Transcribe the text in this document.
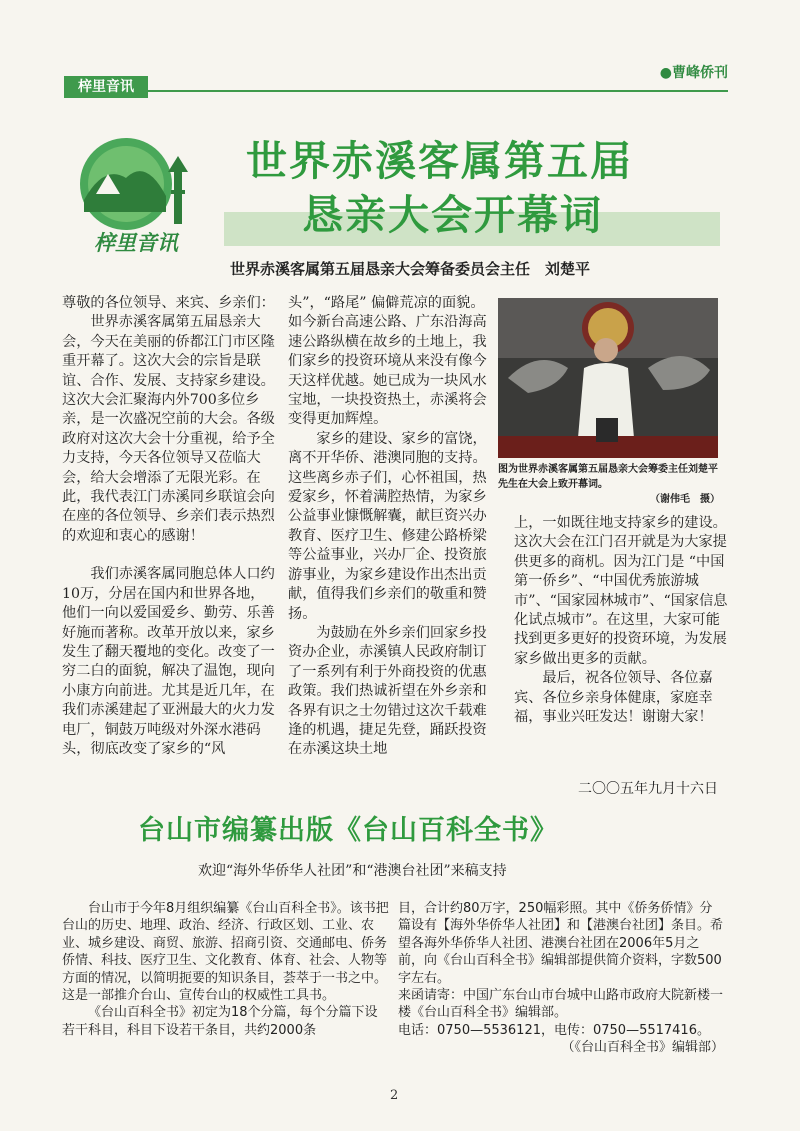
梓里音讯
●曹峰侨刊
梓里音讯
世界赤溪客属第五届
恳亲大会开幕词
世界赤溪客属第五届恳亲大会筹备委员会主任　刘楚平

尊敬的各位领导、来宾、乡亲们：

世界赤溪客属第五届恳亲大会，今天在美丽的侨都江门市区隆重开幕了。这次大会的宗旨是联谊、合作、发展、支持家乡建设。这次大会汇聚海内外700多位乡亲，是一次盛况空前的大会。各级政府对这次大会十分重视，给予全力支持，今天各位领导又莅临大会，给大会增添了无限光彩。在此，我代表江门赤溪同乡联谊会向在座的各位领导、乡亲们表示热烈的欢迎和衷心的感谢！

我们赤溪客属同胞总体人口约10万，分居在国内和世界各地，他们一向以爱国爱乡、勤劳、乐善好施而著称。改革开放以来，家乡发生了翻天覆地的变化。改变了一穷二白的面貌，解决了温饱，现向小康方向前进。尤其是近几年，在我们赤溪建起了亚洲最大的火力发电厂，铜鼓万吨级对外深水港码头，彻底改变了家乡的“风

头”，“路尾” 偏僻荒凉的面貌。如今新台高速公路、广东沿海高速公路纵横在故乡的土地上，我们家乡的投资环境从来没有像今天这样优越。她已成为一块风水宝地，一块投资热土，赤溪将会变得更加辉煌。

家乡的建设、家乡的富饶，离不开华侨、港澳同胞的支持。这些离乡赤子们，心怀祖国，热爱家乡，怀着满腔热情，为家乡公益事业慷慨解囊，献巨资兴办教育、医疗卫生、修建公路桥梁等公益事业，兴办厂企、投资旅游事业，为家乡建设作出杰出贡献，值得我们乡亲们的敬重和赞扬。

为鼓励在外乡亲们回家乡投资办企业，赤溪镇人民政府制订了一系列有利于外商投资的优惠政策。我们热诚祈望在外乡亲和各界有识之士勿错过这次千载难逢的机遇，捷足先登，踊跃投资在赤溪这块土地

图为世界赤溪客属第五届恳亲大会筹委主任刘楚平先生在大会上致开幕词。
（谢伟毛　摄）

上，一如既往地支持家乡的建设。这次大会在江门召开就是为大家提供更多的商机。因为江门是 “中国第一侨乡”、“中国优秀旅游城市”、“国家园林城市”、“国家信息化试点城市”。在这里，大家可能找到更多更好的投资环境，为发展家乡做出更多的贡献。

最后，祝各位领导、各位嘉宾、各位乡亲身体健康，家庭幸福，事业兴旺发达！谢谢大家！

二〇〇五年九月十六日
台山市编纂出版《台山百科全书》
欢迎“海外华侨华人社团”和“港澳台社团”来稿支持

台山市于今年8月组织编纂《台山百科全书》。该书把台山的历史、地理、政治、经济、行政区划、工业、农业、城乡建设、商贸、旅游、招商引资、交通邮电、侨务侨情、科技、医疗卫生、文化教育、体育、社会、人物等方面的情况，以简明扼要的知识条目，荟萃于一书之中。这是一部推介台山、宣传台山的权威性工具书。

《台山百科全书》初定为18个分篇，每个分篇下设若干科目，科目下设若干条目，共约2000条

目，合计约80万字，250幅彩照。其中《侨务侨情》分篇设有【海外华侨华人社团】和【港澳台社团】条目。希望各海外华侨华人社团、港澳台社团在2006年5月之前，向《台山百科全书》编辑部提供简介资料，字数500字左右。

来函请寄：中国广东台山市台城中山路市政府大院新楼一楼《台山百科全书》编辑部。

电话：0750—5536121，电传：0750—5517416。

（《台山百科全书》编辑部）

2
